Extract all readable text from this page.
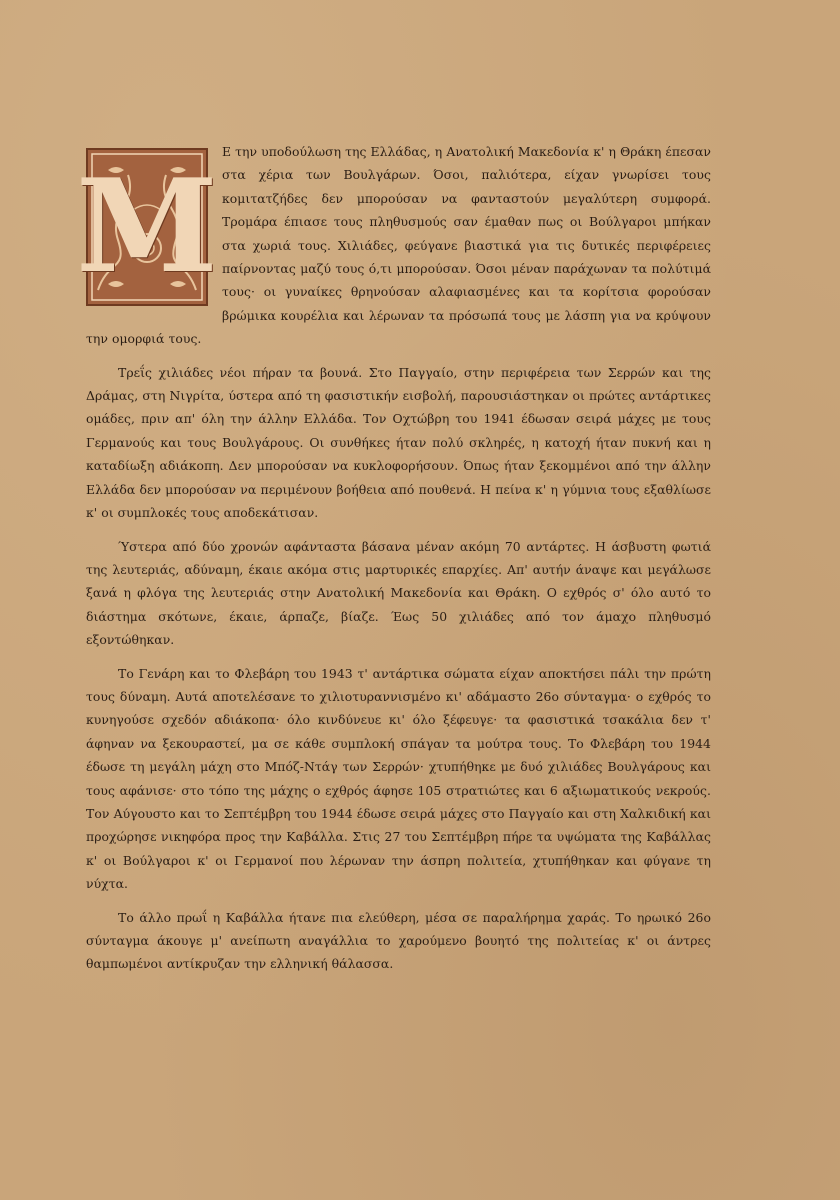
M
Ε την υποδούλωση της Ελλάδας, η Ανατολική Μακεδονία κ' η Θράκη έπεσαν στα χέρια των Βουλγάρων. Όσοι, παλιότερα, είχαν γνωρίσει τους κομιτατζήδες δεν μπορούσαν να φανταστούν μεγαλύτερη συμφορά. Τρομάρα έπιασε τους πληθυσμούς σαν έμαθαν πως οι Βούλγαροι μπήκαν στα χωριά τους. Χιλιάδες, φεύγανε βιαστικά για τις δυτικές περιφέρειες παίρνοντας μαζύ τους ό,τι μπορούσαν. Όσοι μέναν παράχωναν τα πολύτιμά τους· οι γυναίκες θρηνούσαν αλαφιασμένες και τα κορίτσια φορούσαν βρώμικα κουρέλια και λέρωναν τα πρόσωπά τους με λάσπη για να κρύψουν την ομορφιά τους.

Τρεΐς χιλιάδες νέοι πήραν τα βουνά. Στο Παγγαίο, στην περιφέρεια των Σερρών και της Δράμας, στη Νιγρίτα, ύστερα από τη φασιστικήν εισβολή, παρουσιάστηκαν οι πρώτες αντάρτικες ομάδες, πριν απ' όλη την άλλην Ελλάδα. Τον Οχτώβρη του 1941 έδωσαν σειρά μάχες με τους Γερμανούς και τους Βουλγάρους. Οι συνθήκες ήταν πολύ σκληρές, η κατοχή ήταν πυκνή και η καταδίωξη αδιάκοπη. Δεν μπορούσαν να κυκλοφορήσουν. Όπως ήταν ξεκομμένοι από την άλλην Ελλάδα δεν μπορούσαν να περιμένουν βοήθεια από πουθενά. Η πείνα κ' η γύμνια τους εξαθλίωσε κ' οι συμπλοκές τους αποδεκάτισαν.

Ύστερα από δύο χρονών αφάνταστα βάσανα μέναν ακόμη 70 αντάρτες. Η άσβυστη φωτιά της λευτεριάς, αδύναμη, έκαιε ακόμα στις μαρτυρικές επαρχίες. Απ' αυτήν άναψε και μεγάλωσε ξανά η φλόγα της λευτεριάς στην Ανατολική Μακεδονία και Θράκη. Ο εχθρός σ' όλο αυτό το διάστημα σκότωνε, έκαιε, άρπαζε, βίαζε. Έως 50 χιλιάδες από τον άμαχο πληθυσμό εξοντώθηκαν.

Το Γενάρη και το Φλεβάρη του 1943 τ' αντάρτικα σώματα είχαν αποκτήσει πάλι την πρώτη τους δύναμη. Αυτά αποτελέσανε το χιλιοτυραννισμένο κι' αδάμαστο 26ο σύνταγμα· ο εχθρός το κυνηγούσε σχεδόν αδιάκοπα· όλο κινδύνευε κι' όλο ξέφευγε· τα φασιστικά τσακάλια δεν τ' άφηναν να ξεκουραστεί, μα σε κάθε συμπλοκή σπάγαν τα μούτρα τους. Το Φλεβάρη του 1944 έδωσε τη μεγάλη μάχη στο Μπόζ-Ντάγ των Σερρών· χτυπήθηκε με δυό χιλιάδες Βουλγάρους και τους αφάνισε· στο τόπο της μάχης ο εχθρός άφησε 105 στρατιώτες και 6 αξιωματικούς νεκρούς. Τον Αύγουστο και το Σεπτέμβρη του 1944 έδωσε σειρά μάχες στο Παγγαίο και στη Χαλκιδική και προχώρησε νικηφόρα προς την Καβάλλα. Στις 27 του Σεπτέμβρη πήρε τα υψώματα της Καβάλλας κ' οι Βούλγαροι κ' οι Γερμανοί που λέρωναν την άσπρη πολιτεία, χτυπήθηκαν και φύγανε τη νύχτα.

Το άλλο πρωΐ η Καβάλλα ήτανε πια ελεύθερη, μέσα σε παραλήρημα χαράς. Το ηρωικό 26ο σύνταγμα άκουγε μ' ανείπωτη αναγάλλια το χαρούμενο βουητό της πολιτείας κ' οι άντρες θαμπωμένοι αντίκρυζαν την ελληνική θάλασσα.
